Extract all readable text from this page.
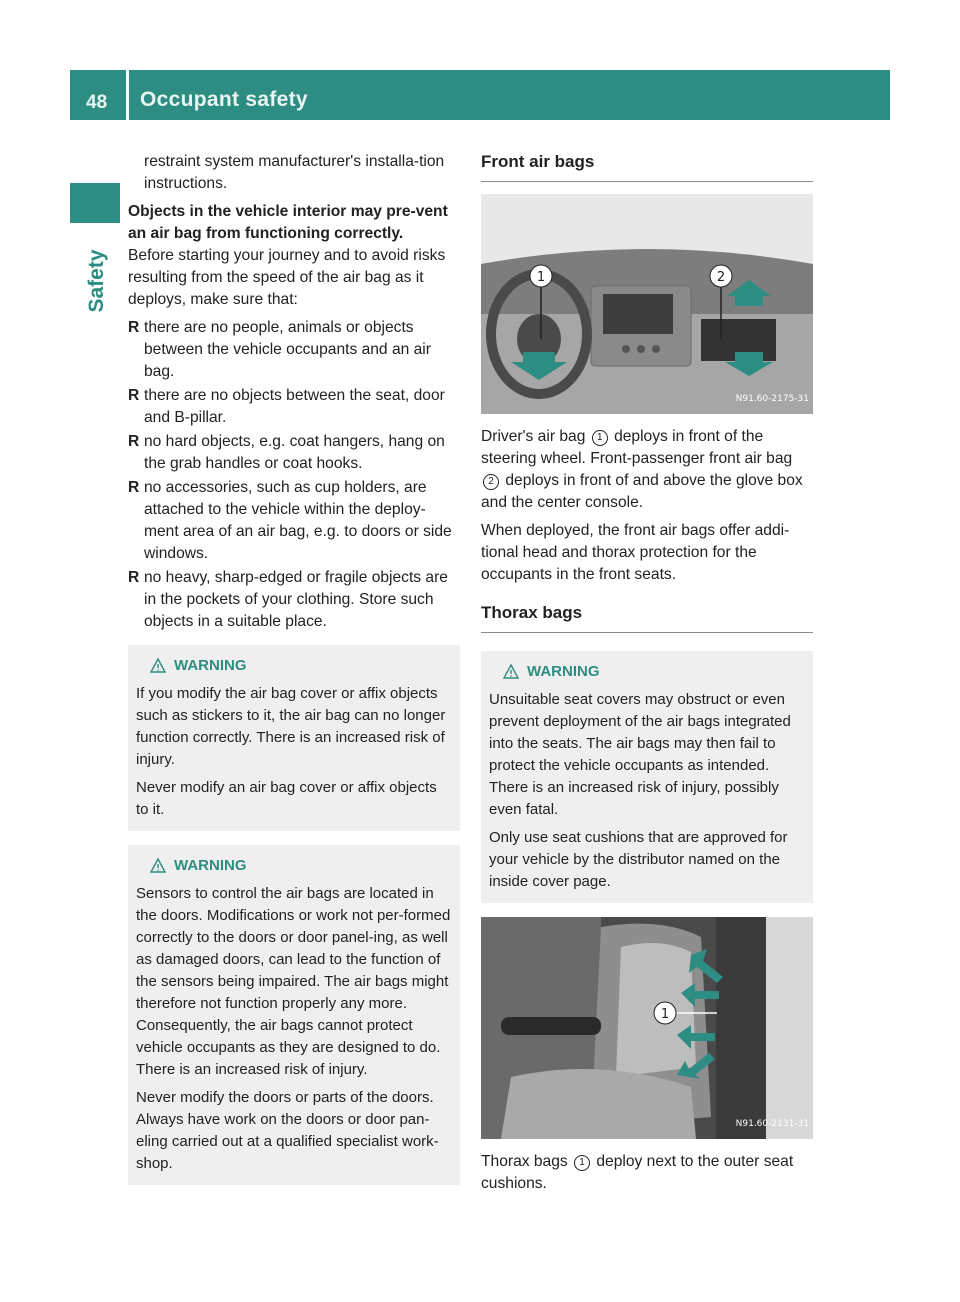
48 Occupant safety
Safety

restraint system manufacturer's installa-tion instructions.

Objects in the vehicle interior may pre-vent an air bag from functioning correctly.

Before starting your journey and to avoid risks resulting from the speed of the air bag as it deploys, make sure that:

R there are no people, animals or objects between the vehicle occupants and an air bag.
R there are no objects between the seat, door and B-pillar.
R no hard objects, e.g. coat hangers, hang on the grab handles or coat hooks.
R no accessories, such as cup holders, are attached to the vehicle within the deploy-ment area of an air bag, e.g. to doors or side windows.
R no heavy, sharp-edged or fragile objects are in the pockets of your clothing. Store such objects in a suitable place.
WARNING

If you modify the air bag cover or affix objects such as stickers to it, the air bag can no longer function correctly. There is an increased risk of injury.

Never modify an air bag cover or affix objects to it.

WARNING

Sensors to control the air bags are located in the doors. Modifications or work not per-formed correctly to the doors or door panel-ing, as well as damaged doors, can lead to the function of the sensors being impaired. The air bags might therefore not function properly any more. Consequently, the air bags cannot protect vehicle occupants as they are designed to do. There is an increased risk of injury.

Never modify the doors or parts of the doors. Always have work on the doors or door pan-eling carried out at a qualified specialist work-shop.

Front air bags
1	2
N91.60-2175-31

Driver's air bag 1 deploys in front of the steering wheel. Front-passenger front air bag 2 deploys in front of and above the glove box and the center console.

When deployed, the front air bags offer addi-tional head and thorax protection for the occupants in the front seats.

Thorax bags
WARNING

Unsuitable seat covers may obstruct or even prevent deployment of the air bags integrated into the seats. The air bags may then fail to protect the vehicle occupants as intended. There is an increased risk of injury, possibly even fatal.

Only use seat cushions that are approved for your vehicle by the distributor named on the inside cover page.

1
N91.60-2131-31

Thorax bags 1 deploy next to the outer seat cushions.
